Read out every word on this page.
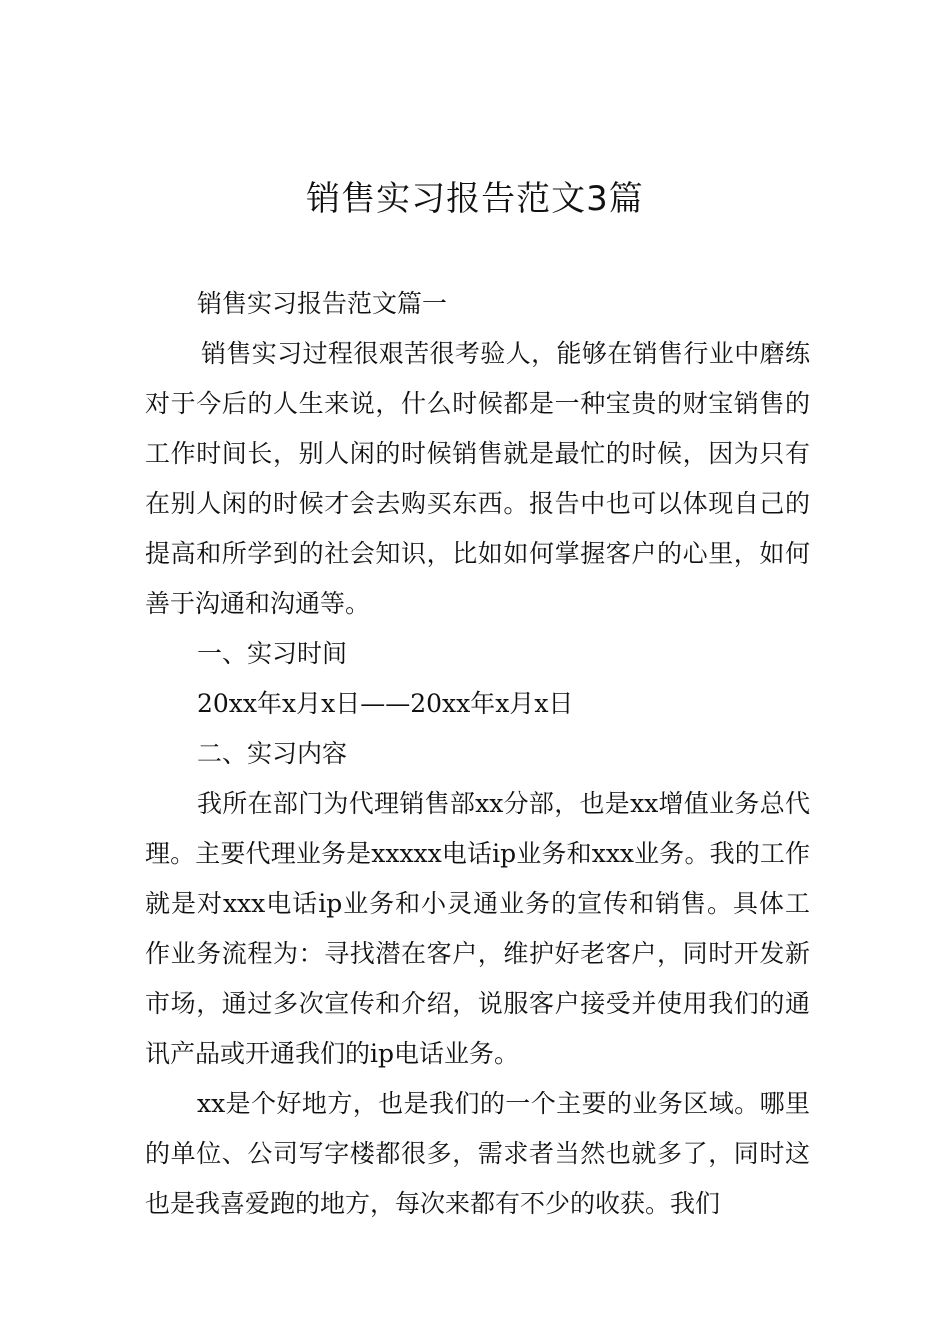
销售实习报告范文3篇

销售实习报告范文篇一

销售实习过程很艰苦很考验人，能够在销售行业中磨练对于今后的人生来说，什么时候都是一种宝贵的财宝销售的工作时间长，别人闲的时候销售就是最忙的时候，因为只有在别人闲的时候才会去购买东西。报告中也可以体现自己的提高和所学到的社会知识，比如如何掌握客户的心里，如何善于沟通和沟通等。

一、实习时间

20xx年x月x日——20xx年x月x日

二、实习内容

我所在部门为代理销售部xx分部，也是xx增值业务总代理。主要代理业务是xxxxx电话ip业务和xxx业务。我的工作就是对xxx电话ip业务和小灵通业务的宣传和销售。具体工作业务流程为：寻找潜在客户，维护好老客户，同时开发新市场，通过多次宣传和介绍，说服客户接受并使用我们的通讯产品或开通我们的ip电话业务。

xx是个好地方，也是我们的一个主要的业务区域。哪里的单位、公司写字楼都很多，需求者当然也就多了，同时这也是我喜爱跑的地方，每次来都有不少的收获。我们
